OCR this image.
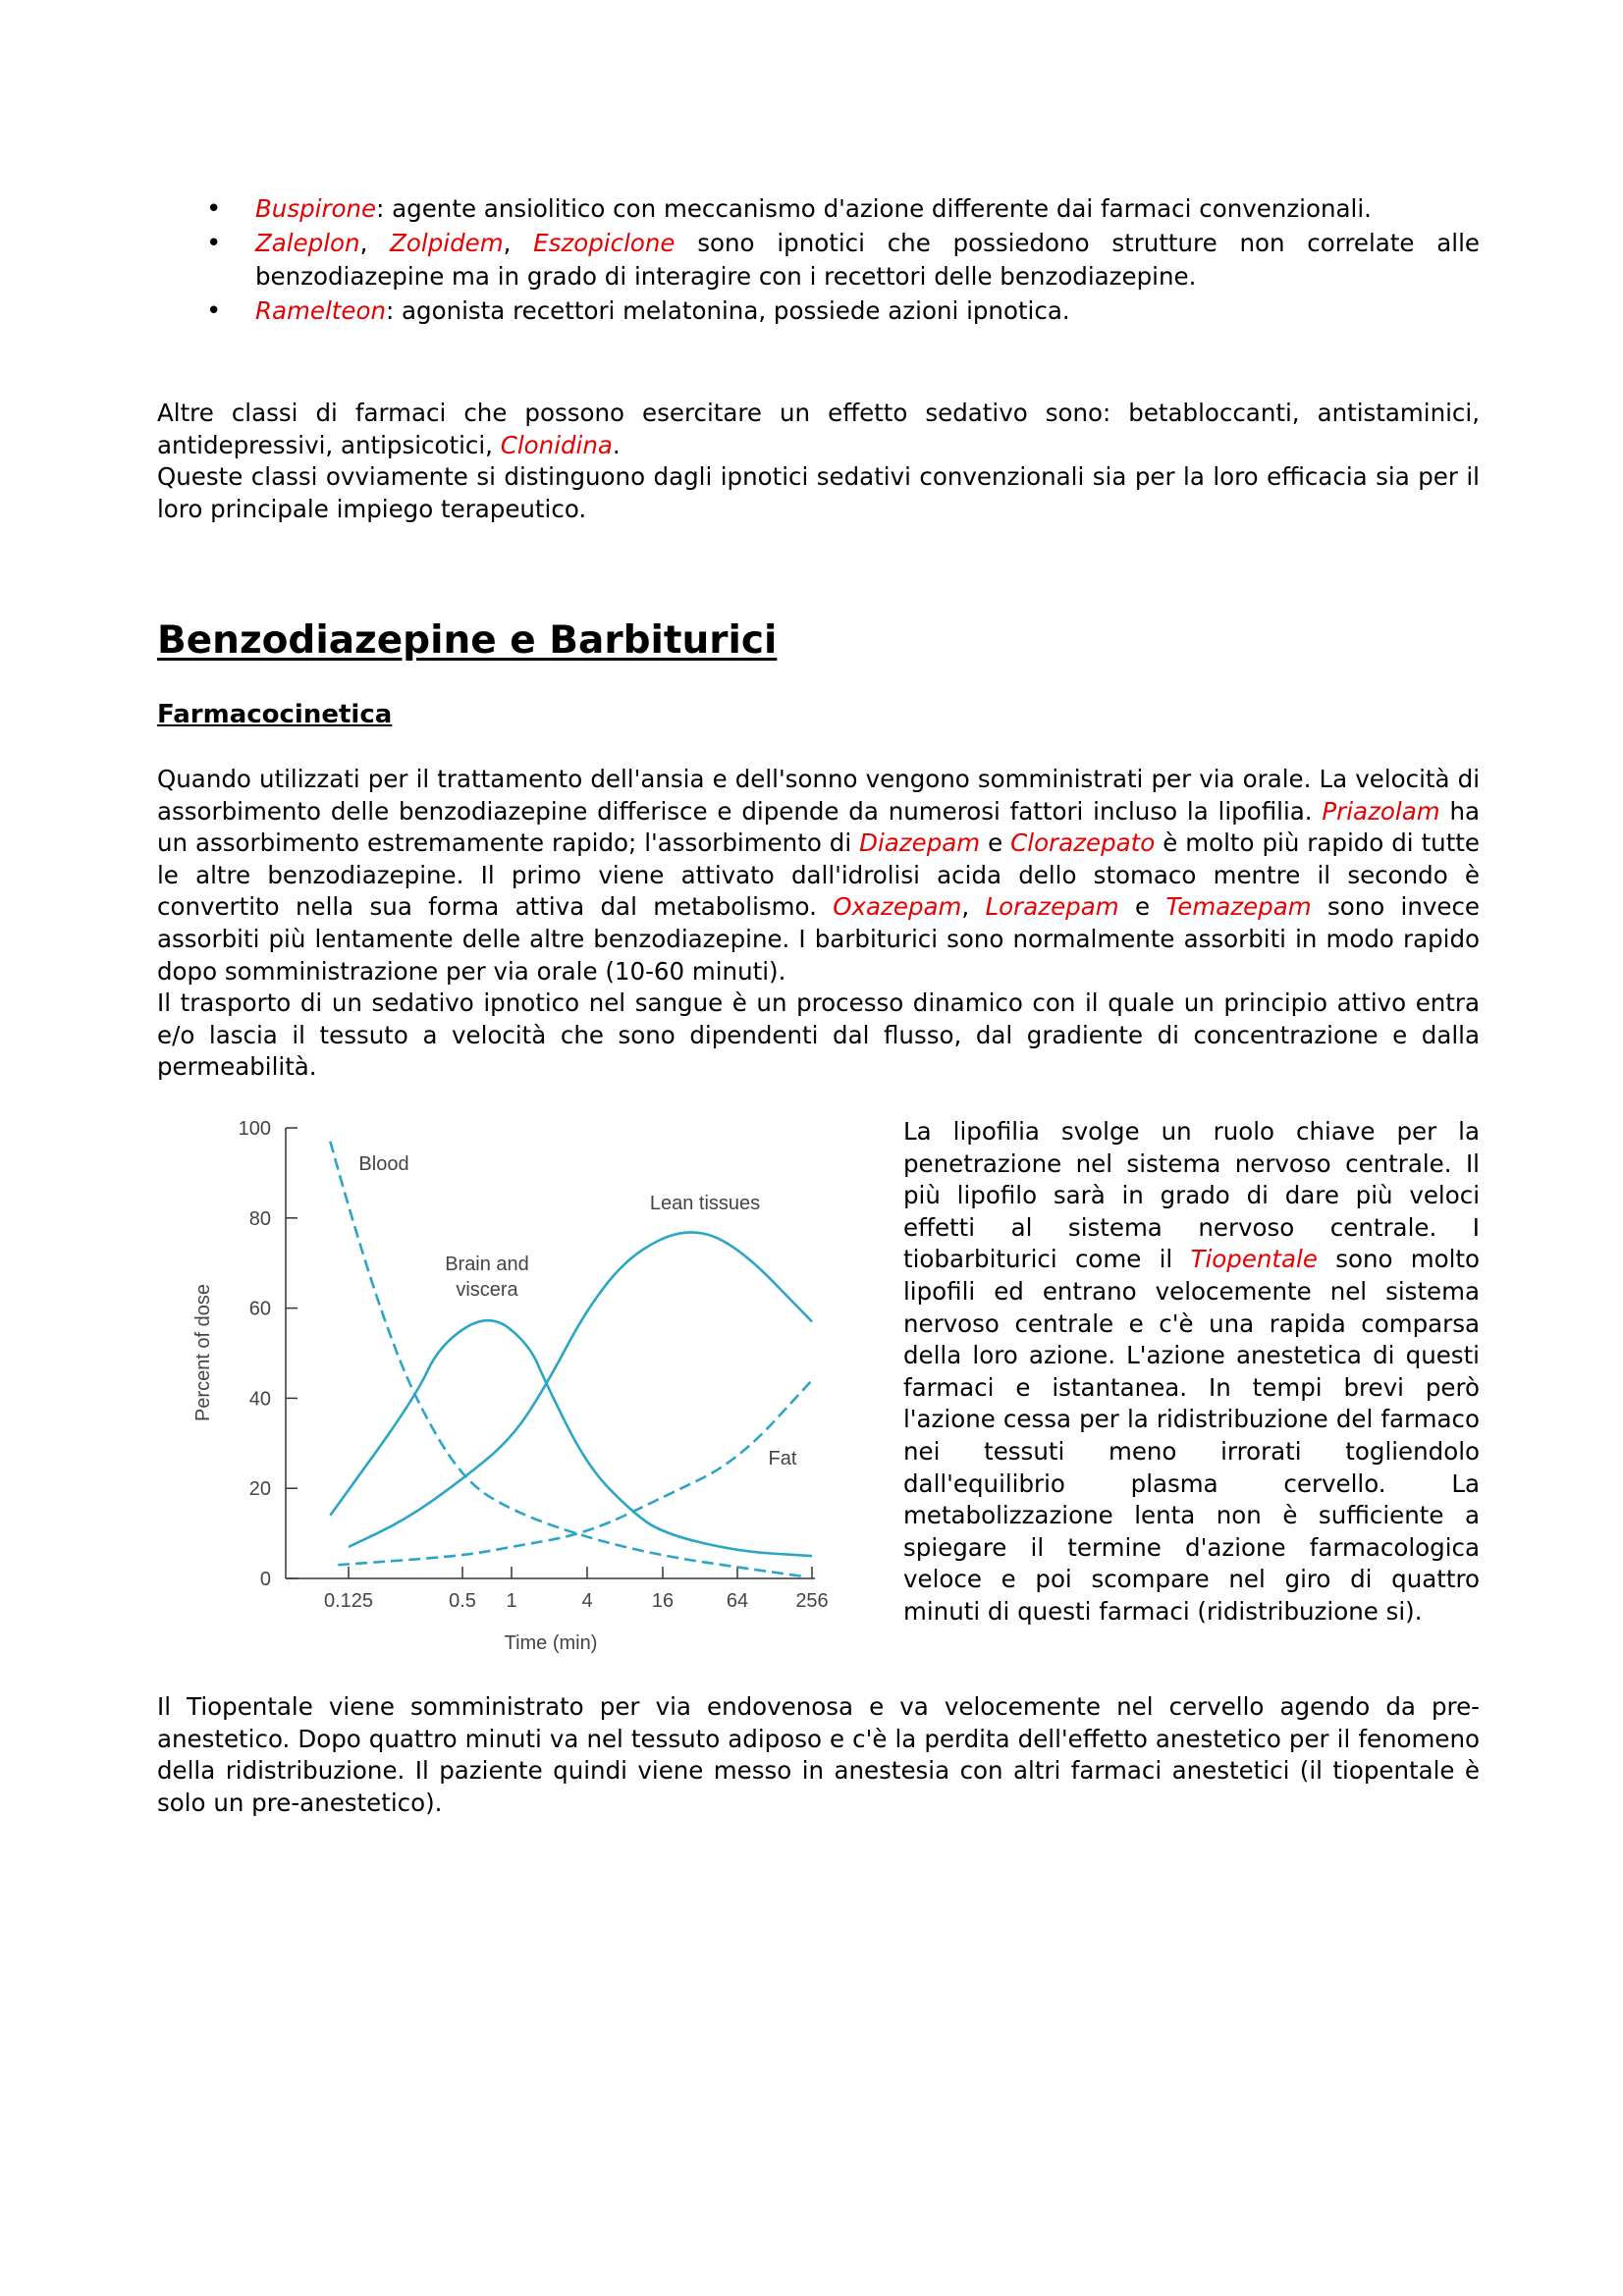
• Buspirone: agente ansiolitico con meccanismo d'azione differente dai farmaci convenzionali.
• Zaleplon, Zolpidem, Eszopiclone sono ipnotici che possiedono strutture non correlate alle benzodiazepine ma in grado di interagire con i recettori delle benzodiazepine.
• Ramelteon: agonista recettori melatonina, possiede azioni ipnotica.
Altre classi di farmaci che possono esercitare un effetto sedativo sono: betabloccanti, antistaminici, antidepressivi, antipsicotici, Clonidina.
Queste classi ovviamente si distinguono dagli ipnotici sedativi convenzionali sia per la loro efficacia sia per il loro principale impiego terapeutico.
Benzodiazepine e Barbiturici
Farmacocinetica
Quando utilizzati per il trattamento dell'ansia e dell'sonno vengono somministrati per via orale. La velocità di assorbimento delle benzodiazepine differisce e dipende da numerosi fattori incluso la lipofilia. Priazolam ha un assorbimento estremamente rapido; l'assorbimento di Diazepam e Clorazepato è molto più rapido di tutte le altre benzodiazepine. Il primo viene attivato dall'idrolisi acida dello stomaco mentre il secondo è convertito nella sua forma attiva dal metabolismo. Oxazepam, Lorazepam e Temazepam sono invece assorbiti più lentamente delle altre benzodiazepine. I barbiturici sono normalmente assorbiti in modo rapido dopo somministrazione per via orale (10-60 minuti).
Il trasporto di un sedativo ipnotico nel sangue è un processo dinamico con il quale un principio attivo entra e/o lascia il tessuto a velocità che sono dipendenti dal flusso, dal gradiente di concentrazione e dalla permeabilità.
0
20
40
60
80
100
0.125	0.5 1	4	16	64 256
Time (min)
Percent of dose
Blood
Brain and
viscera
Lean tissues
Fat
La lipofilia svolge un ruolo chiave per la penetrazione nel sistema nervoso centrale. Il più lipofilo sarà in grado di dare più veloci effetti al sistema nervoso centrale. I tiobarbiturici come il Tiopentale sono molto lipofili ed entrano velocemente nel sistema nervoso centrale e c'è una rapida comparsa della loro azione. L'azione anestetica di questi farmaci e istantanea. In tempi brevi però l'azione cessa per la ridistribuzione del farmaco nei tessuti meno irrorati togliendolo dall'equilibrio plasma cervello. La metabolizzazione lenta non è sufficiente a spiegare il termine d'azione farmacologica veloce e poi scompare nel giro di quattro minuti di questi farmaci (ridistribuzione si).
Il Tiopentale viene somministrato per via endovenosa e va velocemente nel cervello agendo da pre-anestetico. Dopo quattro minuti va nel tessuto adiposo e c'è la perdita dell'effetto anestetico per il fenomeno della ridistribuzione. Il paziente quindi viene messo in anestesia con altri farmaci anestetici (il tiopentale è solo un pre-anestetico).
